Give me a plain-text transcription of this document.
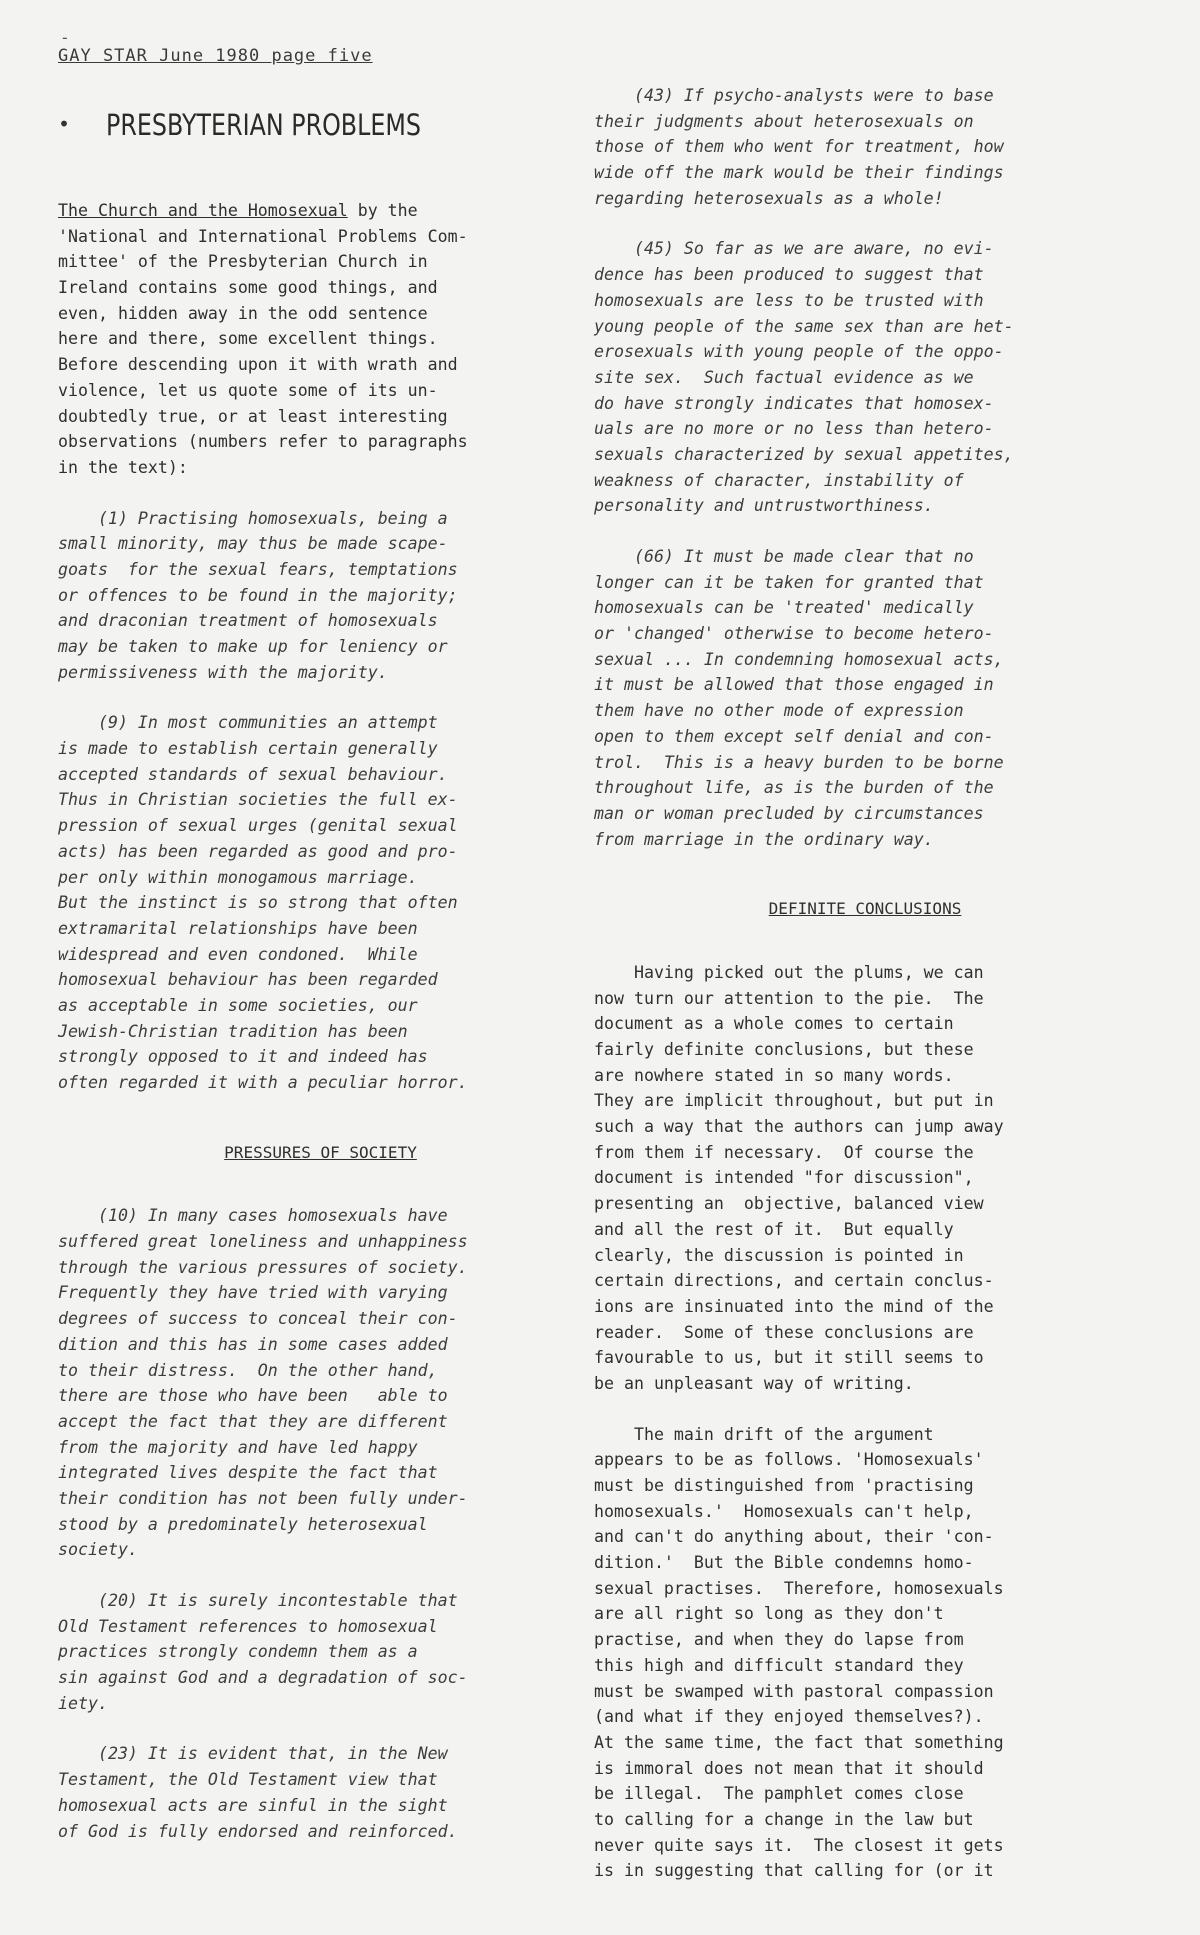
-
GAY STAR June 1980 page five
• PRESBYTERIAN PROBLEMS
The Church and the Homosexual by the
'National and International Problems Com-
mittee' of the Presbyterian Church in
Ireland contains some good things, and
even, hidden away in the odd sentence
here and there, some excellent things.
Before descending upon it with wrath and
violence, let us quote some of its un-
doubtedly true, or at least interesting
observations (numbers refer to paragraphs
in the text):
(1) Practising homosexuals, being a
small minority, may thus be made scape-
goats  for the sexual fears, temptations
or offences to be found in the majority;
and draconian treatment of homosexuals
may be taken to make up for leniency or
permissiveness with the majority.
(9) In most communities an attempt
is made to establish certain generally
accepted standards of sexual behaviour.
Thus in Christian societies the full ex-
pression of sexual urges (genital sexual
acts) has been regarded as good and pro-
per only within monogamous marriage.
But the instinct is so strong that often
extramarital relationships have been
widespread and even condoned.  While
homosexual behaviour has been regarded
as acceptable in some societies, our
Jewish-Christian tradition has been
strongly opposed to it and indeed has
often regarded it with a peculiar horror.
PRESSURES OF SOCIETY
(10) In many cases homosexuals have
suffered great loneliness and unhappiness
through the various pressures of society.
Frequently they have tried with varying
degrees of success to conceal their con-
dition and this has in some cases added
to their distress.  On the other hand,
there are those who have been   able to
accept the fact that they are different
from the majority and have led happy
integrated lives despite the fact that
their condition has not been fully under-
stood by a predominately heterosexual
society.
(20) It is surely incontestable that
Old Testament references to homosexual
practices strongly condemn them as a
sin against God and a degradation of soc-
iety.
(23) It is evident that, in the New
Testament, the Old Testament view that
homosexual acts are sinful in the sight
of God is fully endorsed and reinforced.
(43) If psycho-analysts were to base
their judgments about heterosexuals on
those of them who went for treatment, how
wide off the mark would be their findings
regarding heterosexuals as a whole!
(45) So far as we are aware, no evi-
dence has been produced to suggest that
homosexuals are less to be trusted with
young people of the same sex than are het-
erosexuals with young people of the oppo-
site sex.  Such factual evidence as we
do have strongly indicates that homosex-
uals are no more or no less than hetero-
sexuals characterized by sexual appetites,
weakness of character, instability of
personality and untrustworthiness.
(66) It must be made clear that no
longer can it be taken for granted that
homosexuals can be 'treated' medically
or 'changed' otherwise to become hetero-
sexual ... In condemning homosexual acts,
it must be allowed that those engaged in
them have no other mode of expression
open to them except self denial and con-
trol.  This is a heavy burden to be borne
throughout life, as is the burden of the
man or woman precluded by circumstances
from marriage in the ordinary way.
DEFINITE CONCLUSIONS
Having picked out the plums, we can
now turn our attention to the pie.  The
document as a whole comes to certain
fairly definite conclusions, but these
are nowhere stated in so many words.
They are implicit throughout, but put in
such a way that the authors can jump away
from them if necessary.  Of course the
document is intended "for discussion",
presenting an  objective, balanced view
and all the rest of it.  But equally
clearly, the discussion is pointed in
certain directions, and certain conclus-
ions are insinuated into the mind of the
reader.  Some of these conclusions are
favourable to us, but it still seems to
be an unpleasant way of writing.
The main drift of the argument
appears to be as follows. 'Homosexuals'
must be distinguished from 'practising
homosexuals.'  Homosexuals can't help,
and can't do anything about, their 'con-
dition.'  But the Bible condemns homo-
sexual practises.  Therefore, homosexuals
are all right so long as they don't
practise, and when they do lapse from
this high and difficult standard they
must be swamped with pastoral compassion
(and what if they enjoyed themselves?).
At the same time, the fact that something
is immoral does not mean that it should
be illegal.  The pamphlet comes close
to calling for a change in the law but
never quite says it.  The closest it gets
is in suggesting that calling for (or it
